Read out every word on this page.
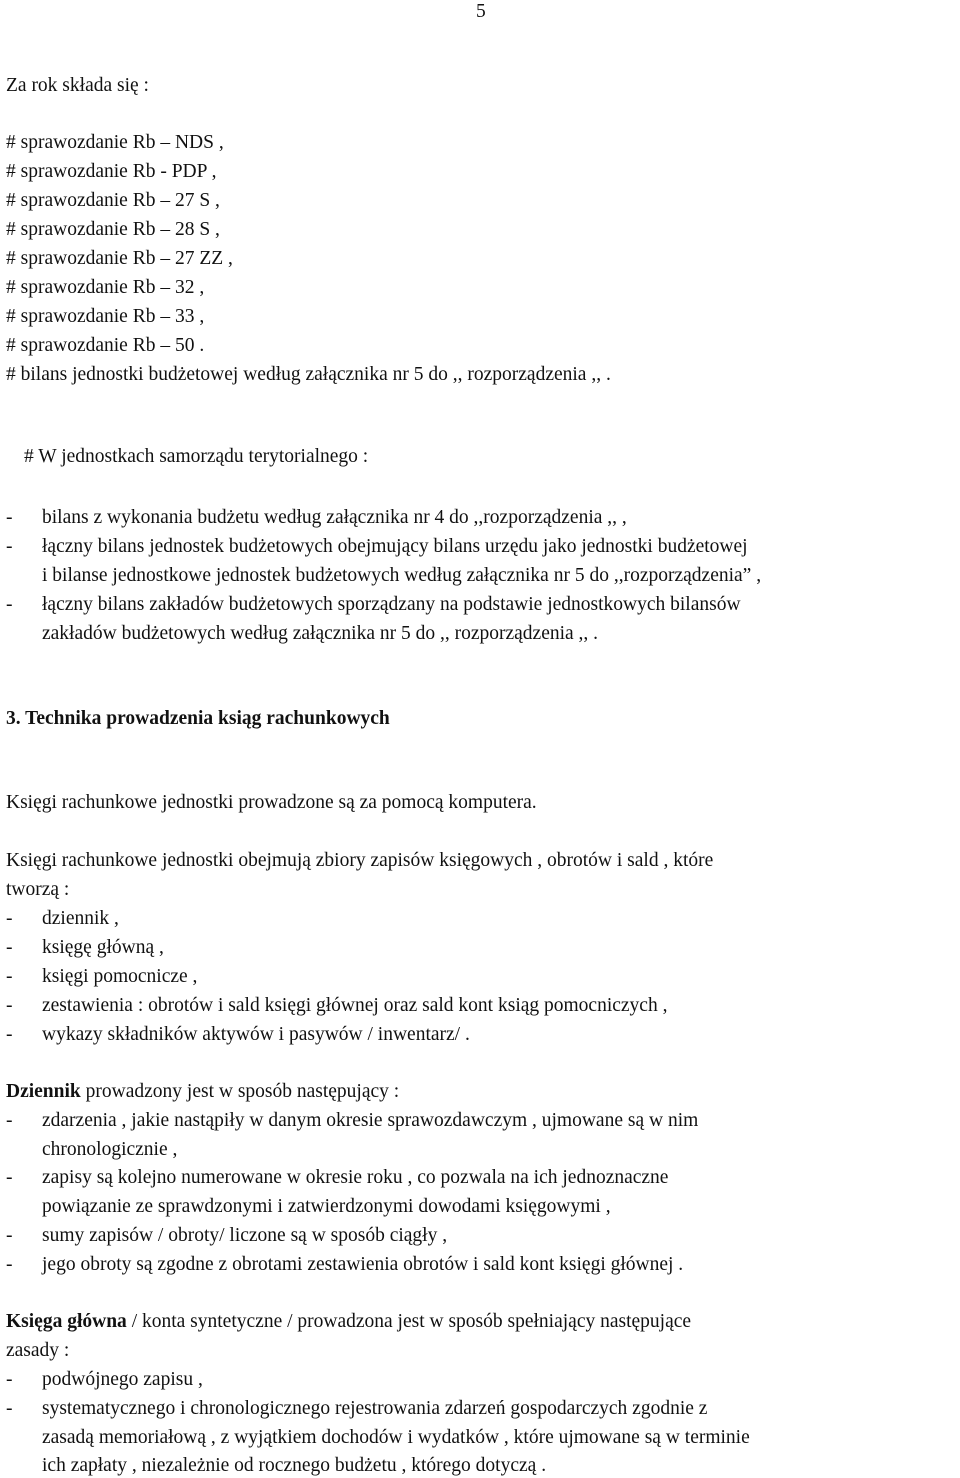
5
Za rok składa się :
# sprawozdanie Rb – NDS ,
# sprawozdanie Rb - PDP ,
# sprawozdanie Rb – 27 S ,
# sprawozdanie Rb – 28 S ,
# sprawozdanie Rb – 27 ZZ ,
# sprawozdanie Rb – 32 ,
# sprawozdanie Rb – 33 ,
# sprawozdanie Rb – 50 .
# bilans jednostki budżetowej według załącznika nr 5 do ,, rozporządzenia ,, .
# W jednostkach samorządu terytorialnego :
- bilans z wykonania budżetu według załącznika nr 4 do ,,rozporządzenia ,, ,
- łączny bilans jednostek budżetowych obejmujący bilans urzędu jako jednostki budżetowej
i bilanse jednostkowe jednostek budżetowych według załącznika nr 5 do ,,rozporządzenia” ,
- łączny bilans zakładów budżetowych sporządzany na podstawie jednostkowych bilansów
zakładów budżetowych według załącznika nr 5 do ,, rozporządzenia ,, .
3. Technika prowadzenia ksiąg rachunkowych
Księgi rachunkowe jednostki prowadzone są za pomocą komputera.
Księgi rachunkowe jednostki obejmują zbiory zapisów księgowych , obrotów i sald , które
tworzą :
- dziennik ,
- księgę główną ,
- księgi pomocnicze ,
- zestawienia : obrotów i sald księgi głównej oraz sald kont ksiąg pomocniczych ,
- wykazy składników aktywów i pasywów / inwentarz/ .
Dziennik prowadzony jest w sposób następujący :
- zdarzenia , jakie nastąpiły w danym okresie sprawozdawczym , ujmowane są w nim
chronologicznie ,
- zapisy są kolejno numerowane w okresie roku , co pozwala na ich jednoznaczne
powiązanie ze sprawdzonymi i zatwierdzonymi dowodami księgowymi ,
- sumy zapisów / obroty/ liczone są w sposób ciągły ,
- jego obroty są zgodne z obrotami zestawienia obrotów i sald kont księgi głównej .
Księga główna / konta syntetyczne / prowadzona jest w sposób spełniający następujące
zasady :
- podwójnego zapisu ,
- systematycznego i chronologicznego rejestrowania zdarzeń gospodarczych zgodnie z
zasadą memoriałową , z wyjątkiem dochodów i wydatków , które ujmowane są w terminie
ich zapłaty , niezależnie od rocznego budżetu , którego dotyczą .
